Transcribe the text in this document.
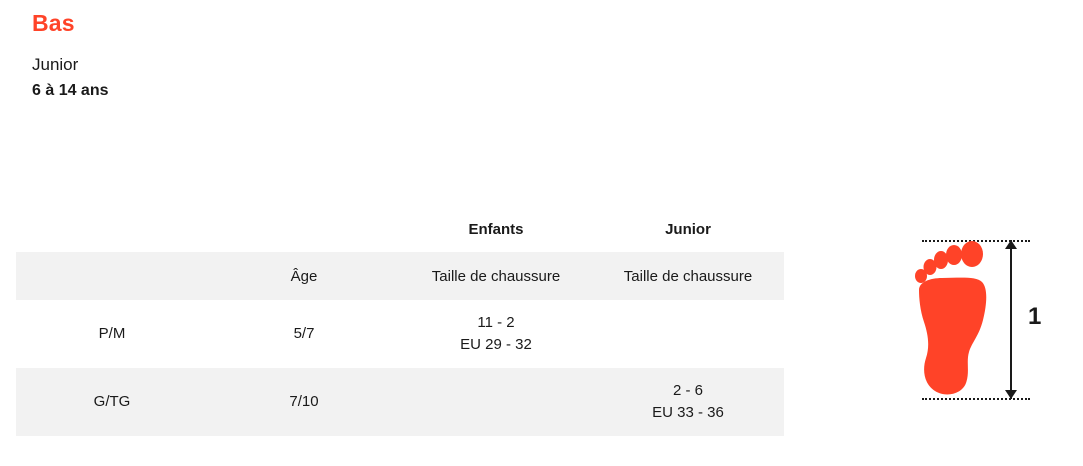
Bas

Junior

6 à 14 ans

		Enfants	Junior
	Âge	Taille de chaussure	Taille de chaussure
P/M	5/7	11 - 2
EU 29 - 32	

G/TG	7/10		2 - 6
EU 33 - 36
1
